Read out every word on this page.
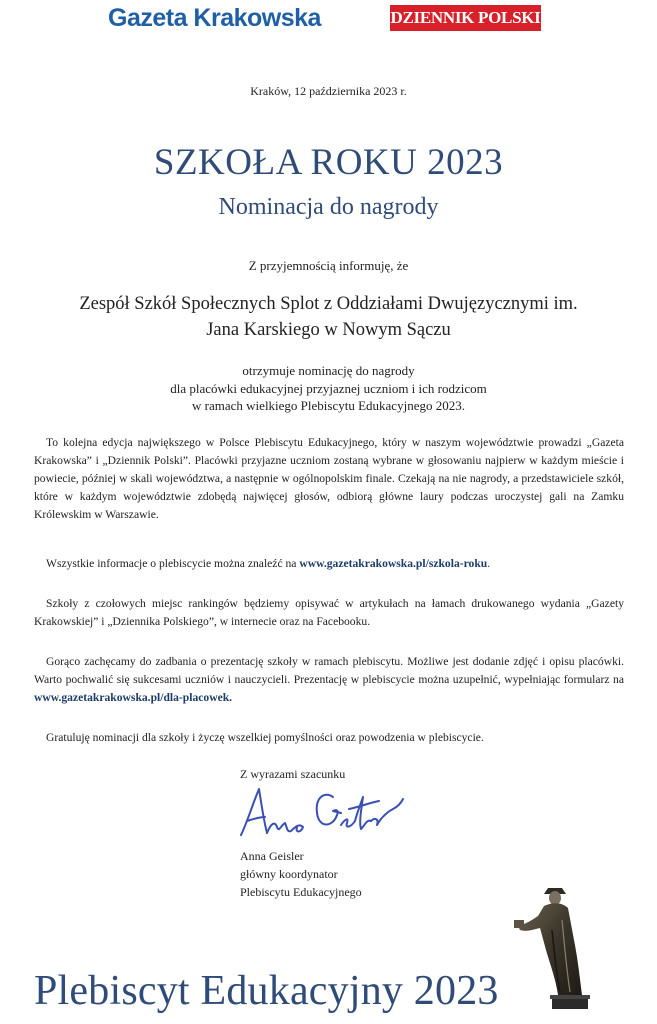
Gazeta Krakowska	DZIENNIK POLSKI
Kraków, 12 października 2023 r.
SZKOŁA ROKU 2023
Nominacja do nagrody
Z przyjemnością informuję, że
Zespół Szkół Społecznych Splot z Oddziałami Dwujęzycznymi im. Jana Karskiego w Nowym Sączu
otrzymuje nominację do nagrody
dla placówki edukacyjnej przyjaznej uczniom i ich rodzicom
w ramach wielkiego Plebiscytu Edukacyjnego 2023.

To kolejna edycja największego w Polsce Plebiscytu Edukacyjnego, który w naszym województwie prowadzi „Gazeta Krakowska” i „Dziennik Polski”. Placówki przyjazne uczniom zostaną wybrane w głosowaniu najpierw w każdym mieście i powiecie, później w skali województwa, a następnie w ogólnopolskim finale. Czekają na nie nagrody, a przedstawiciele szkół, które w każdym województwie zdobędą najwięcej głosów, odbiorą główne laury podczas uroczystej gali na Zamku Królewskim w Warszawie.

Wszystkie informacje o plebiscycie można znaleźć na www.gazetakrakowska.pl/szkola-roku.

Szkoły z czołowych miejsc rankingów będziemy opisywać w artykułach na łamach drukowanego wydania „Gazety Krakowskiej” i „Dziennika Polskiego”, w internecie oraz na Facebooku.

Gorąco zachęcamy do zadbania o prezentację szkoły w ramach plebiscytu. Możliwe jest dodanie zdjęć i opisu placówki. Warto pochwalić się sukcesami uczniów i nauczycieli. Prezentację w plebiscycie można uzupełnić, wypełniając formularz na www.gazetakrakowska.pl/dla-placowek.

Gratuluję nominacji dla szkoły i życzę wszelkiej pomyślności oraz powodzenia w plebiscycie.

Z wyrazami szacunku
Anna Geisler
główny koordynator
Plebiscytu Edukacyjnego
Plebiscyt Edukacyjny 2023
